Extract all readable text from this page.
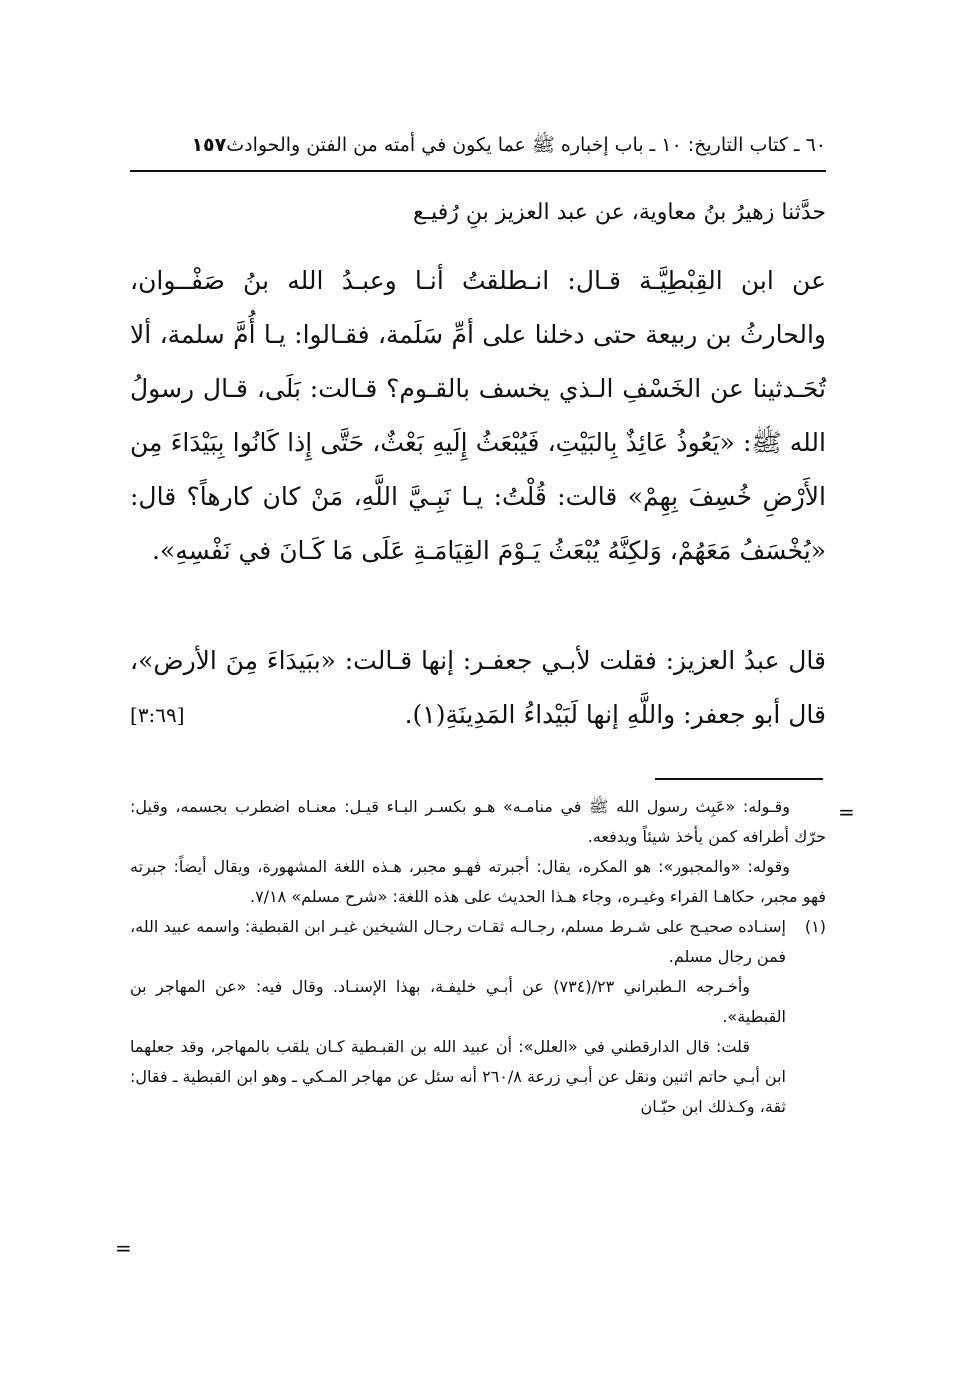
٦٠ ـ كتاب التاريخ: ١٠ ـ باب إخباره ﷺ عما يكون في أمته من الفتن والحوادث١٥٧
حدَّثنا زهيرُ بنُ معاوية، عن عبد العزيز بنِ رُفيـع

عن ابن القِبْطِيَّـة قـال: انـطلقتُ أنـا وعبـدُ الله بنُ صَفْــوان، والحارثُ بن ربيعة حتى دخلنا على أمِّ سَلَمة، فقـالوا: يـا أُمَّ سلمة، ألا تُحَـدثينا عن الخَسْفِ الـذي يخسف بالقـوم؟ قـالت: بَلَى، قـال رسولُ الله ﷺ: «يَعُوذُ عَائِذٌ بِالبَيْتِ، فَيُبْعَثُ إِلَيهِ بَعْثٌ، حَتَّى إِذا كَانُوا بِبَيْدَاءَ مِن الأَرْضِ خُسِفَ بِهِمْ» قالت: قُلْتُ: يـا نَبِـيَّ اللَّهِ، مَنْ كان كارهاً؟ قال: «يُخْسَفُ مَعَهُمْ، وَلكِنَّهُ يُبْعَثُ يَـوْمَ القِيَامَـةِ عَلَى مَا كَـانَ في نَفْسِهِ».

قال عبدُ العزيز: فقلت لأبـي جعفـر: إنها قـالت: «ببَيدَاءَ مِنَ الأرض»، قال أبو جعفر: واللَّهِ إنها لَبَيْداءُ المَدِينَةِ(١).
[٣:٦٩]

=

وقـوله: «عَبِث رسول الله ﷺ في منامـه» هـو بكسـر البـاء قيـل: معنـاه اضطرب بجسمه، وقيل: حرّك أطرافه كمن يأخذ شيئاً ويدفعه.

وقوله: «والمجبور»: هو المكره، يقال: أجبرته فهـو مجبر، هـذه اللغة المشهورة، ويقال أيضاً: جبرته فهو مجبر، حكاهـا الفراء وغيـره، وجاء هـذا الحديث على هذه اللغة: «شرح مسلم» ٧/١٨.

(١)

إسنـاده صحيـح على شـرط مسلم، رجـالـه ثقـات رجـال الشيخين غيـر ابن القبطية: واسمه عبيد الله، فمن رجال مسلم.

وأخـرجه الـطبراني ٢٣/(٧٣٤) عن أبـي خليفـة، بهذا الإسنـاد. وقال فيه: «عن المهاجر بن القبطية».

قلت: قال الدارقطني في «العلل»: أن عبيد الله بن القبـطية كـان يلقب بالمهاجر، وقد جعلهما ابن أبـي حاتم اثنين ونقل عن أبـي زرعة ٢٦٠/٨ أنه سئل عن مهاجر المـكي ـ وهو ابن القبطية ـ فقال: ثقة، وكـذلك ابن حبّـان

=
